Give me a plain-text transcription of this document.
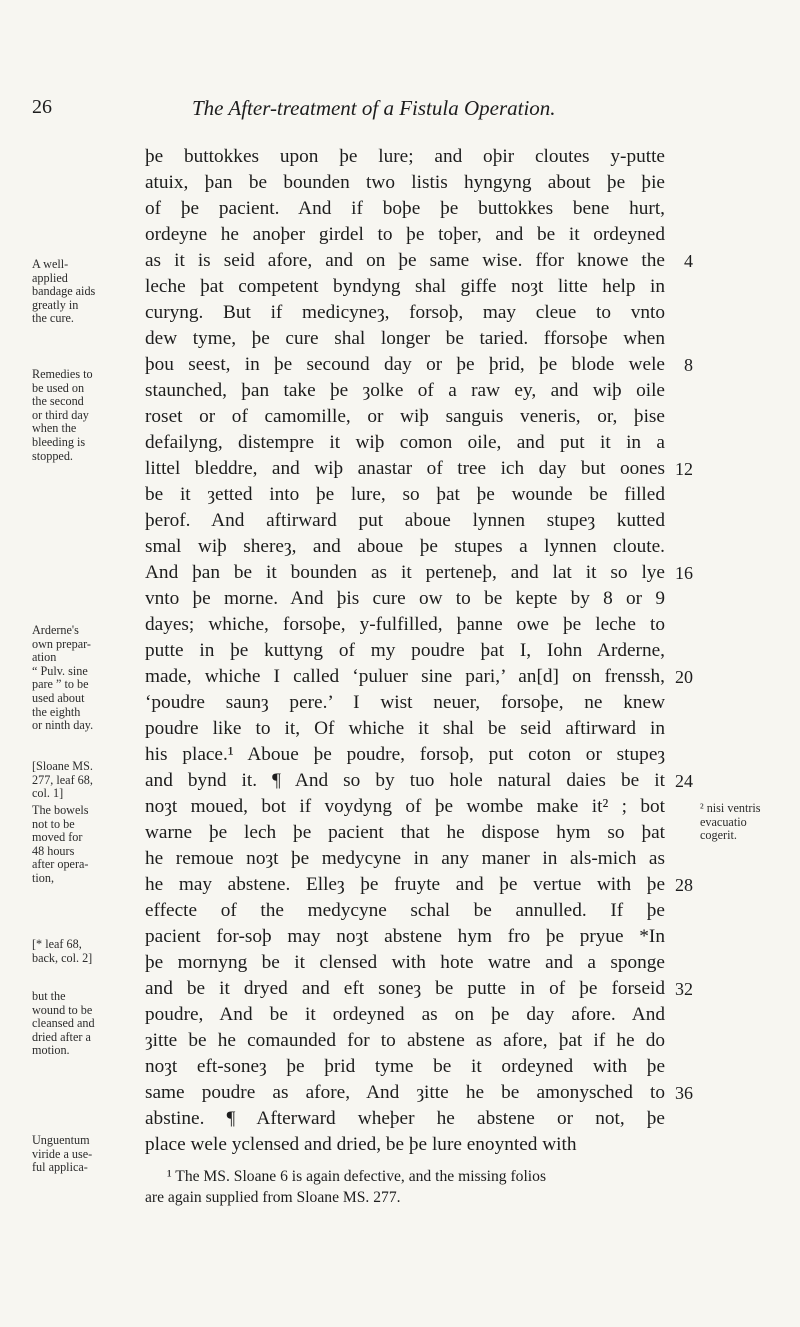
26	The After-treatment of a Fistula Operation.
þe buttokkes upon þe lure; and oþir cloutes y-putte
atuix, þan be bounden two listis hyngyng about þe þie
of þe pacient. And if boþe þe buttokkes bene hurt,
ordeyne he anoþer girdel to þe toþer, and be it ordeyned
as it is seid afore, and on þe same wise. ffor knowe the
leche þat competent byndyng shal giffe noȝt litte help in
curyng. But if medicyneȝ, forsoþ, may cleue to vnto
dew tyme, þe cure shal longer be taried. fforsoþe when
þou seest, in þe secound day or þe þrid, þe blode wele
staunched, þan take þe ȝolke of a raw ey, and wiþ oile
roset or of camomille, or wiþ sanguis veneris, or, þise
defailyng, distempre it wiþ comon oile, and put it in a
littel bleddre, and wiþ anastar of tree ich day but oones
be it ȝetted into þe lure, so þat þe wounde be filled
þerof. And aftirward put aboue lynnen stupeȝ kutted
smal wiþ shereȝ, and aboue þe stupes a lynnen cloute.
And þan be it bounden as it perteneþ, and lat it so lye
vnto þe morne. And þis cure ow to be kepte by 8 or 9
dayes; whiche, forsoþe, y-fulfilled, þanne owe þe leche to
putte in þe kuttyng of my poudre þat I, Iohn Arderne,
made, whiche I called ‘puluer sine pari,’ an[d] on frenssh,
‘poudre saunȝ pere.’ I wist neuer, forsoþe, ne knew
poudre like to it, Of whiche it shal be seid aftirward in
his place.¹ Aboue þe poudre, forsoþ, put coton or stupeȝ
and bynd it. ¶ And so by tuo hole natural daies be it
noȝt moued, bot if voydyng of þe wombe make it² ; bot
warne þe lech þe pacient that he dispose hym so þat
he remoue noȝt þe medycyne in any maner in als-mich as
he may abstene. Elleȝ þe fruyte and þe vertue with þe
effecte of the medycyne schal be annulled. If þe
pacient for-soþ may noȝt abstene hym fro þe pryue *In
þe mornyng be it clensed with hote watre and a sponge
and be it dryed and eft soneȝ be putte in of þe forseid
poudre, And be it ordeyned as on þe day afore. And
ȝitte be he comaunded for to abstene as afore, þat if he do
noȝt eft-soneȝ þe þrid tyme be it ordeyned with þe
same poudre as afore, And ȝitte he be amonysched to
abstine. ¶ Afterward wheþer he abstene or not, þe
place wele yclensed and dried, be þe lure enoynted with
4
8
12
16
20
24
28
32
36
A well-
applied
bandage aids
greatly in
the cure.
Remedies to
be used on
the second
or third day
when the
bleeding is
stopped.
Arderne's
own prepar-
ation
“ Pulv. sine
pare ” to be
used about
the eighth
or ninth day.
[Sloane MS.
277, leaf 68,
col. 1]
The bowels
not to be
moved for
48 hours
after opera-
tion,
[* leaf 68,
back, col. 2]
but the
wound to be
cleansed and
dried after a
motion.
Unguentum
viride a use-
ful applica-
² nisi ventris
evacuatio
cogerit.
¹ The MS. Sloane 6 is again defective, and the missing folios
are again supplied from Sloane MS. 277.
